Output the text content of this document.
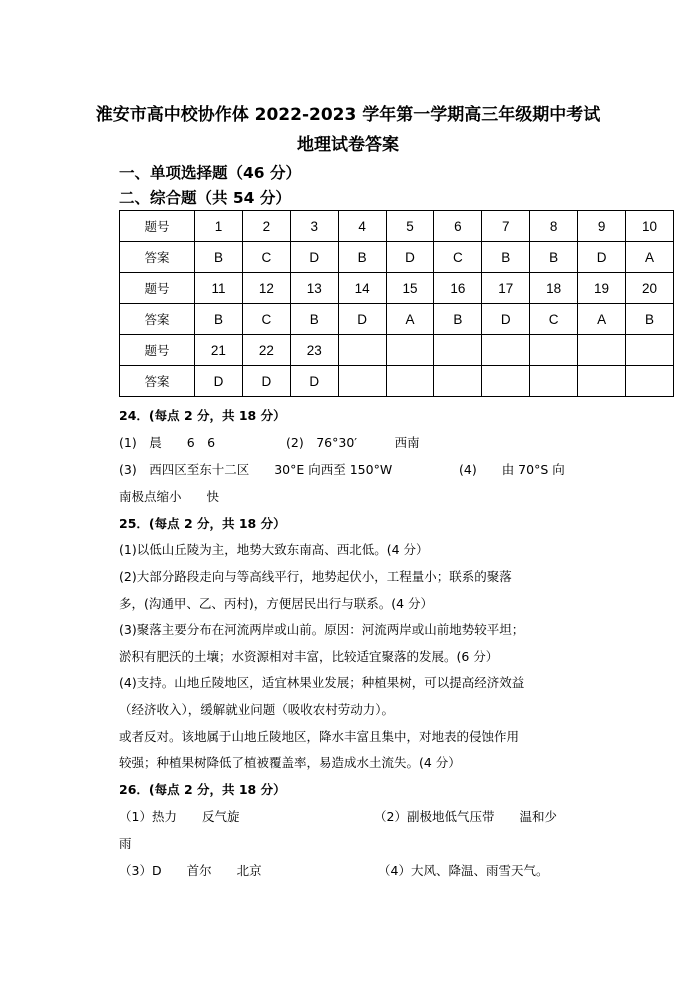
淮安市高中校协作体 2022-2023 学年第一学期高三年级期中考试
地理试卷答案
一、单项选择题（46 分）
二、综合题（共 54 分）
题号	1	2	3	4	5	6	7	8	9	10
答案	B	C	D	B	D	C	B	B	D	A
题号	11	12	13	14	15	16	17	18	19	20
答案	B	C	B	D	A	B	D	C	A	B
题号	21	22	23							
答案	D	D	D							
24．(每点 2 分，共 18 分）
(1)　晨　　6　6	(2)　76°30′　　　西南
(3)　西四区至东十二区　　30°E 向西至 150°W	(4)　　由 70°S 向
南极点缩小　　快
25．(每点 2 分，共 18 分）
(1)以低山丘陵为主，地势大致东南高、西北低。(4 分）
(2)大部分路段走向与等高线平行，地势起伏小，工程量小；联系的聚落
多，(沟通甲、乙、丙村)，方便居民出行与联系。(4 分）
(3)聚落主要分布在河流两岸或山前。原因：河流两岸或山前地势较平坦；
淤积有肥沃的土壤；水资源相对丰富，比较适宜聚落的发展。(6 分）
(4)支持。山地丘陵地区，适宜林果业发展；种植果树，可以提高经济效益
（经济收入），缓解就业问题（吸收农村劳动力）。
或者反对。该地属于山地丘陵地区，降水丰富且集中，对地表的侵蚀作用
较强；种植果树降低了植被覆盖率，易造成水土流失。(4 分）
26．(每点 2 分，共 18 分）
（1）热力　　反气旋	（2）副极地低气压带　　温和少
雨
（3）D　　首尔　　北京	（4）大风、降温、雨雪天气。
